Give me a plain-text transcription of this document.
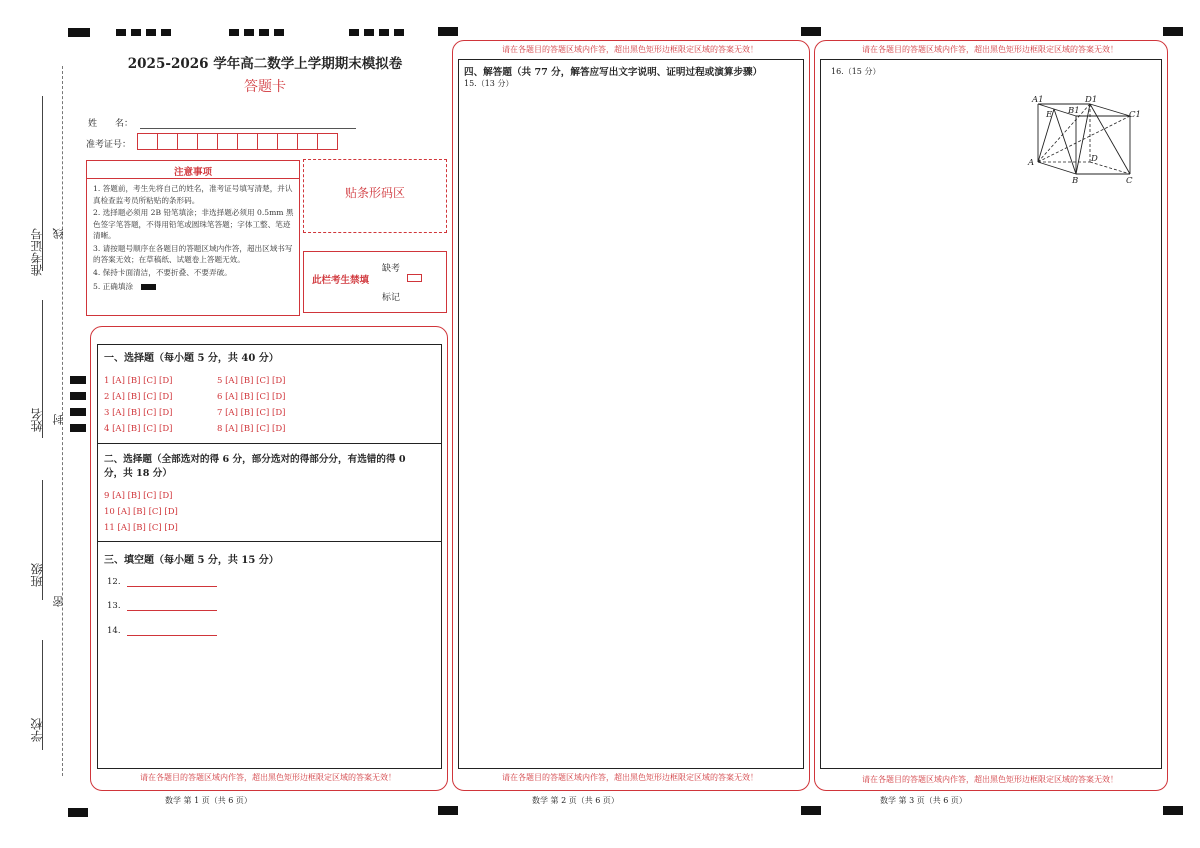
准考证号 线
姓名 封
班级
密
学校
2025-2026 学年高二数学上学期期末模拟卷
答题卡
姓　　名：
准考证号：
注意事项
1. 答题前，考生先将自己的姓名，准考证号填写清楚，并认真检查监考员所粘贴的条形码。
2. 选择题必须用 2B 铅笔填涂；非选择题必须用 0.5mm 黑色签字笔答题，不得用铅笔或圆珠笔答题；字体工整、笔迹清晰。
3. 请按题号顺序在各题目的答题区域内作答，超出区域书写的答案无效；在草稿纸、试题卷上答题无效。
4. 保持卡面清洁，不要折叠、不要弄破。
5. 正确填涂
贴条形码区
此栏考生禁填
缺考
标记
一、选择题（每小题 5 分，共 40 分）
1 [A] [B] [C] [D]
2 [A] [B] [C] [D]
3 [A] [B] [C] [D]
4 [A] [B] [C] [D]
5 [A] [B] [C] [D]
6 [A] [B] [C] [D]
7 [A] [B] [C] [D]
8 [A] [B] [C] [D]
二、选择题（全部选对的得 6 分，部分选对的得部分分，有选错的得 0
分，共 18 分）
9 [A] [B] [C] [D]
10 [A] [B] [C] [D]
11 [A] [B] [C] [D]
三、填空题（每小题 5 分，共 15 分）
12.
13.
14.
请在各题目的答题区域内作答，超出黑色矩形边框限定区域的答案无效！
数学 第 1 页（共 6 页）
请在各题目的答题区域内作答，超出黑色矩形边框限定区域的答案无效！
四、解答题（共 77 分，解答应写出文字说明、证明过程或演算步骤）
15.（13 分）
请在各题目的答题区域内作答，超出黑色矩形边框限定区域的答案无效！
数学 第 2 页（共 6 页）
请在各题目的答题区域内作答，超出黑色矩形边框限定区域的答案无效！
16.（15 分）
A1	D1
C1
E B1
A	D
B	C
请在各题目的答题区域内作答，超出黑色矩形边框限定区域的答案无效！
数学 第 3 页（共 6 页）
